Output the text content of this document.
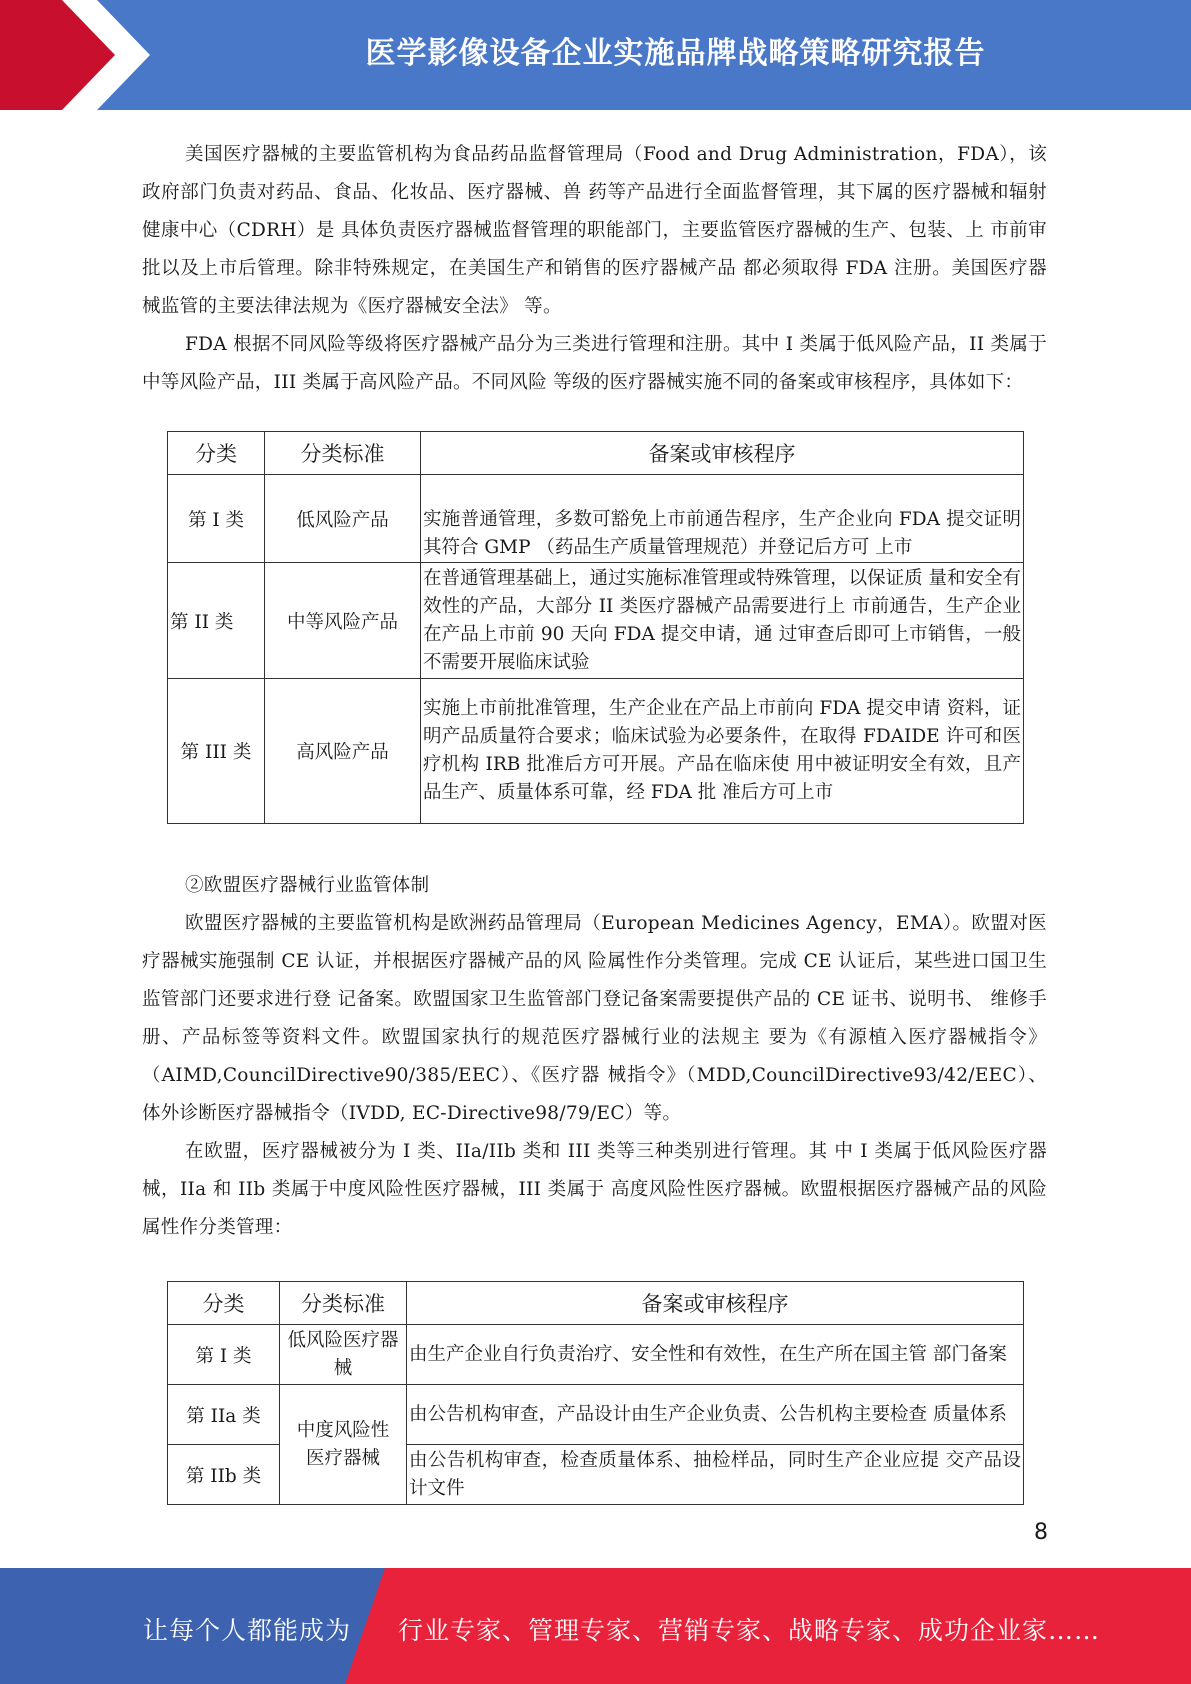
医学影像设备企业实施品牌战略策略研究报告

美国医疗器械的主要监管机构为食品药品监督管理局（Food and Drug Administration，FDA），该政府部门负责对药品、食品、化妆品、医疗器械、兽 药等产品进行全面监督管理，其下属的医疗器械和辐射健康中心（CDRH）是 具体负责医疗器械监督管理的职能部门，主要监管医疗器械的生产、包装、上 市前审批以及上市后管理。除非特殊规定，在美国生产和销售的医疗器械产品 都必须取得 FDA 注册。美国医疗器械监管的主要法律法规为《医疗器械安全法》 等。

FDA 根据不同风险等级将医疗器械产品分为三类进行管理和注册。其中 I 类属于低风险产品，II 类属于中等风险产品，III 类属于高风险产品。不同风险 等级的医疗器械实施不同的备案或审核程序，具体如下：

分类	分类标准	备案或审核程序
第 I 类	低风险产品	实施普通管理，多数可豁免上市前通告程序，生产企业向 FDA 提交证明其符合 GMP （药品生产质量管理规范）并登记后方可 上市
第 II 类	中等风险产品	在普通管理基础上，通过实施标准管理或特殊管理，以保证质 量和安全有效性的产品，大部分 II 类医疗器械产品需要进行上 市前通告，生产企业在产品上市前 90 天向 FDA 提交申请，通 过审查后即可上市销售，一般不需要开展临床试验
第 III 类	高风险产品	实施上市前批准管理，生产企业在产品上市前向 FDA 提交申请 资料，证明产品质量符合要求；临床试验为必要条件，在取得 FDAIDE 许可和医疗机构 IRB 批准后方可开展。产品在临床使 用中被证明安全有效，且产品生产、质量体系可靠，经 FDA 批 准后方可上市

②欧盟医疗器械行业监管体制

欧盟医疗器械的主要监管机构是欧洲药品管理局（European Medicines Agency，EMA）。欧盟对医疗器械实施强制 CE 认证，并根据医疗器械产品的风 险属性作分类管理。完成 CE 认证后，某些进口国卫生监管部门还要求进行登 记备案。欧盟国家卫生监管部门登记备案需要提供产品的 CE 证书、说明书、 维修手册、产品标签等资料文件。欧盟国家执行的规范医疗器械行业的法规主 要为《有源植入医疗器械指令》（AIMD,CouncilDirective90/385/EEC）、《医疗器 械指令》（MDD,CouncilDirective93/42/EEC）、体外诊断医疗器械指令（IVDD, EC-Directive98/79/EC）等。

在欧盟，医疗器械被分为 I 类、IIa/IIb 类和 III 类等三种类别进行管理。其 中 I 类属于低风险医疗器械，IIa 和 IIb 类属于中度风险性医疗器械，III 类属于 高度风险性医疗器械。欧盟根据医疗器械产品的风险属性作分类管理：

分类	分类标准	备案或审核程序
第 I 类	低风险医疗器械	由生产企业自行负责治疗、安全性和有效性，在生产所在国主管 部门备案
第 IIa 类	中度风险性医疗器械	由公告机构审查，产品设计由生产企业负责、公告机构主要检查 质量体系
第 IIb 类		由公告机构审查，检查质量体系、抽检样品，同时生产企业应提 交产品设计文件
8
让每个人都能成为 行业专家、管理专家、营销专家、战略专家、成功企业家……
